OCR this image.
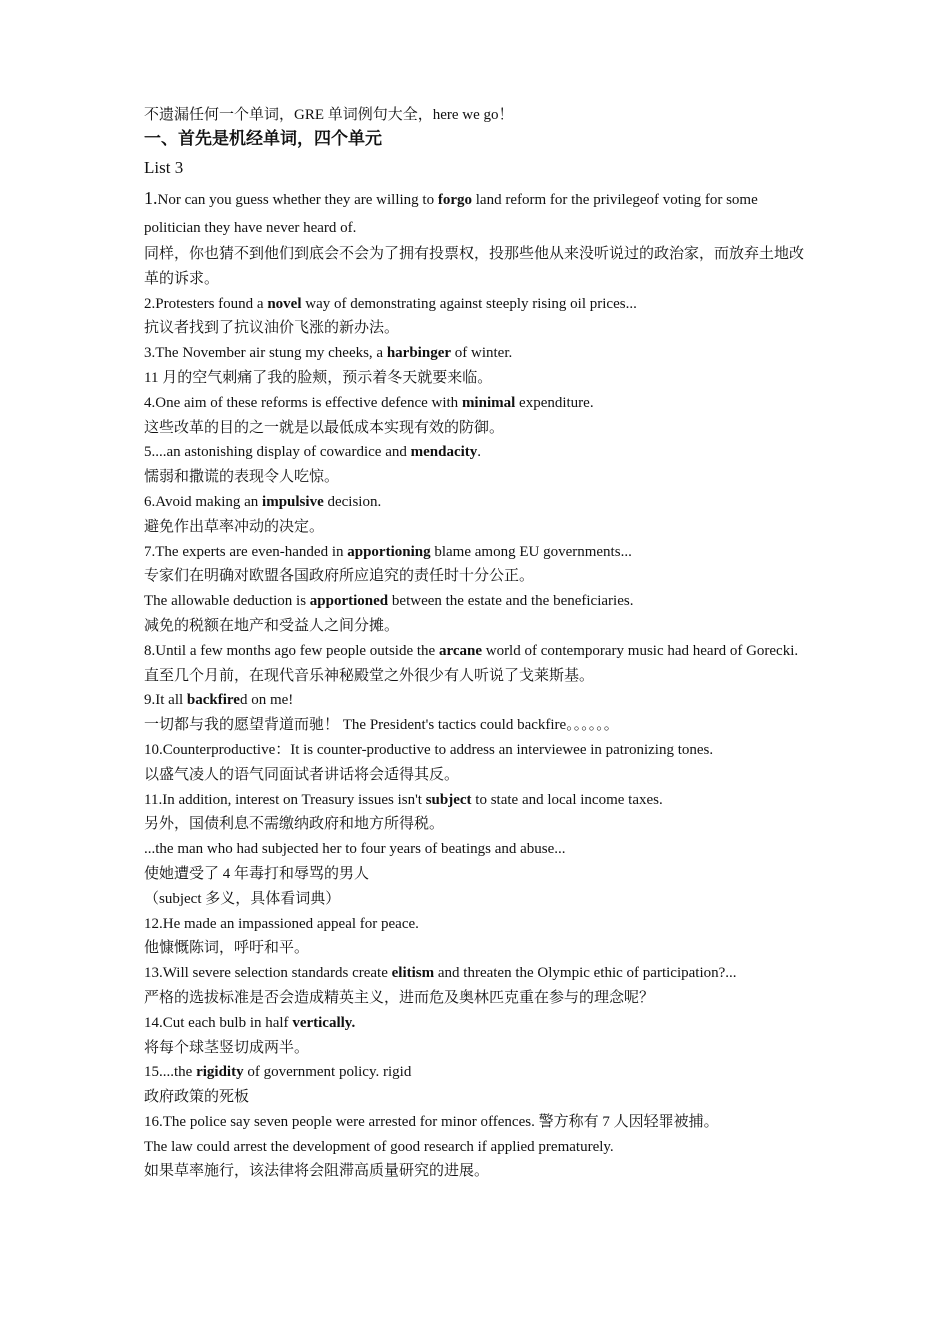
不遗漏任何一个单词，GRE 单词例句大全，here we go！
一、首先是机经单词，四个单元
List 3
1.Nor can you guess whether they are willing to forgo land reform for the privilegeof voting for some politician they have never heard of.
同样，你也猜不到他们到底会不会为了拥有投票权，投那些他从来没听说过的政治家，而放弃土地改革的诉求。
2.Protesters found a novel way of demonstrating against steeply rising oil prices...
抗议者找到了抗议油价飞涨的新办法。
3.The November air stung my cheeks, a harbinger of winter.
11 月的空气刺痛了我的脸颊，预示着冬天就要来临。
4.One aim of these reforms is effective defence with minimal expenditure.
这些改革的目的之一就是以最低成本实现有效的防御。
5....an astonishing display of cowardice and mendacity.
懦弱和撒谎的表现令人吃惊。
6.Avoid making an impulsive decision.
避免作出草率冲动的决定。
7.The experts are even-handed in apportioning blame among EU governments...
专家们在明确对欧盟各国政府所应追究的责任时十分公正。
The allowable deduction is apportioned between the estate and the beneficiaries.
减免的税额在地产和受益人之间分摊。
8.Until a few months ago few people outside the arcane world of contemporary music had heard of Gorecki.
直至几个月前，在现代音乐神秘殿堂之外很少有人听说了戈莱斯基。
9.It all backfired on me!
一切都与我的愿望背道而驰！ The President's tactics could backfire。。。。。。
10.Counterproductive：It is counter-productive to address an interviewee in patronizing tones.
以盛气凌人的语气同面试者讲话将会适得其反。
11.In addition, interest on Treasury issues isn't subject to state and local income taxes.
另外，国债利息不需缴纳政府和地方所得税。
...the man who had subjected her to four years of beatings and abuse...
使她遭受了 4 年毒打和辱骂的男人
（subject 多义，具体看词典）
12.He made an impassioned appeal for peace.
他慷慨陈词，呼吁和平。
13.Will severe selection standards create elitism and threaten the Olympic ethic of participation?...
严格的选拔标准是否会造成精英主义，进而危及奥林匹克重在参与的理念呢？
14.Cut each bulb in half vertically.
将每个球茎竖切成两半。
15....the rigidity of government policy. rigid
政府政策的死板
16.The police say seven people were arrested for minor offences. 警方称有 7 人因轻罪被捕。
The law could arrest the development of good research if applied prematurely.
如果草率施行，该法律将会阻滞高质量研究的进展。
